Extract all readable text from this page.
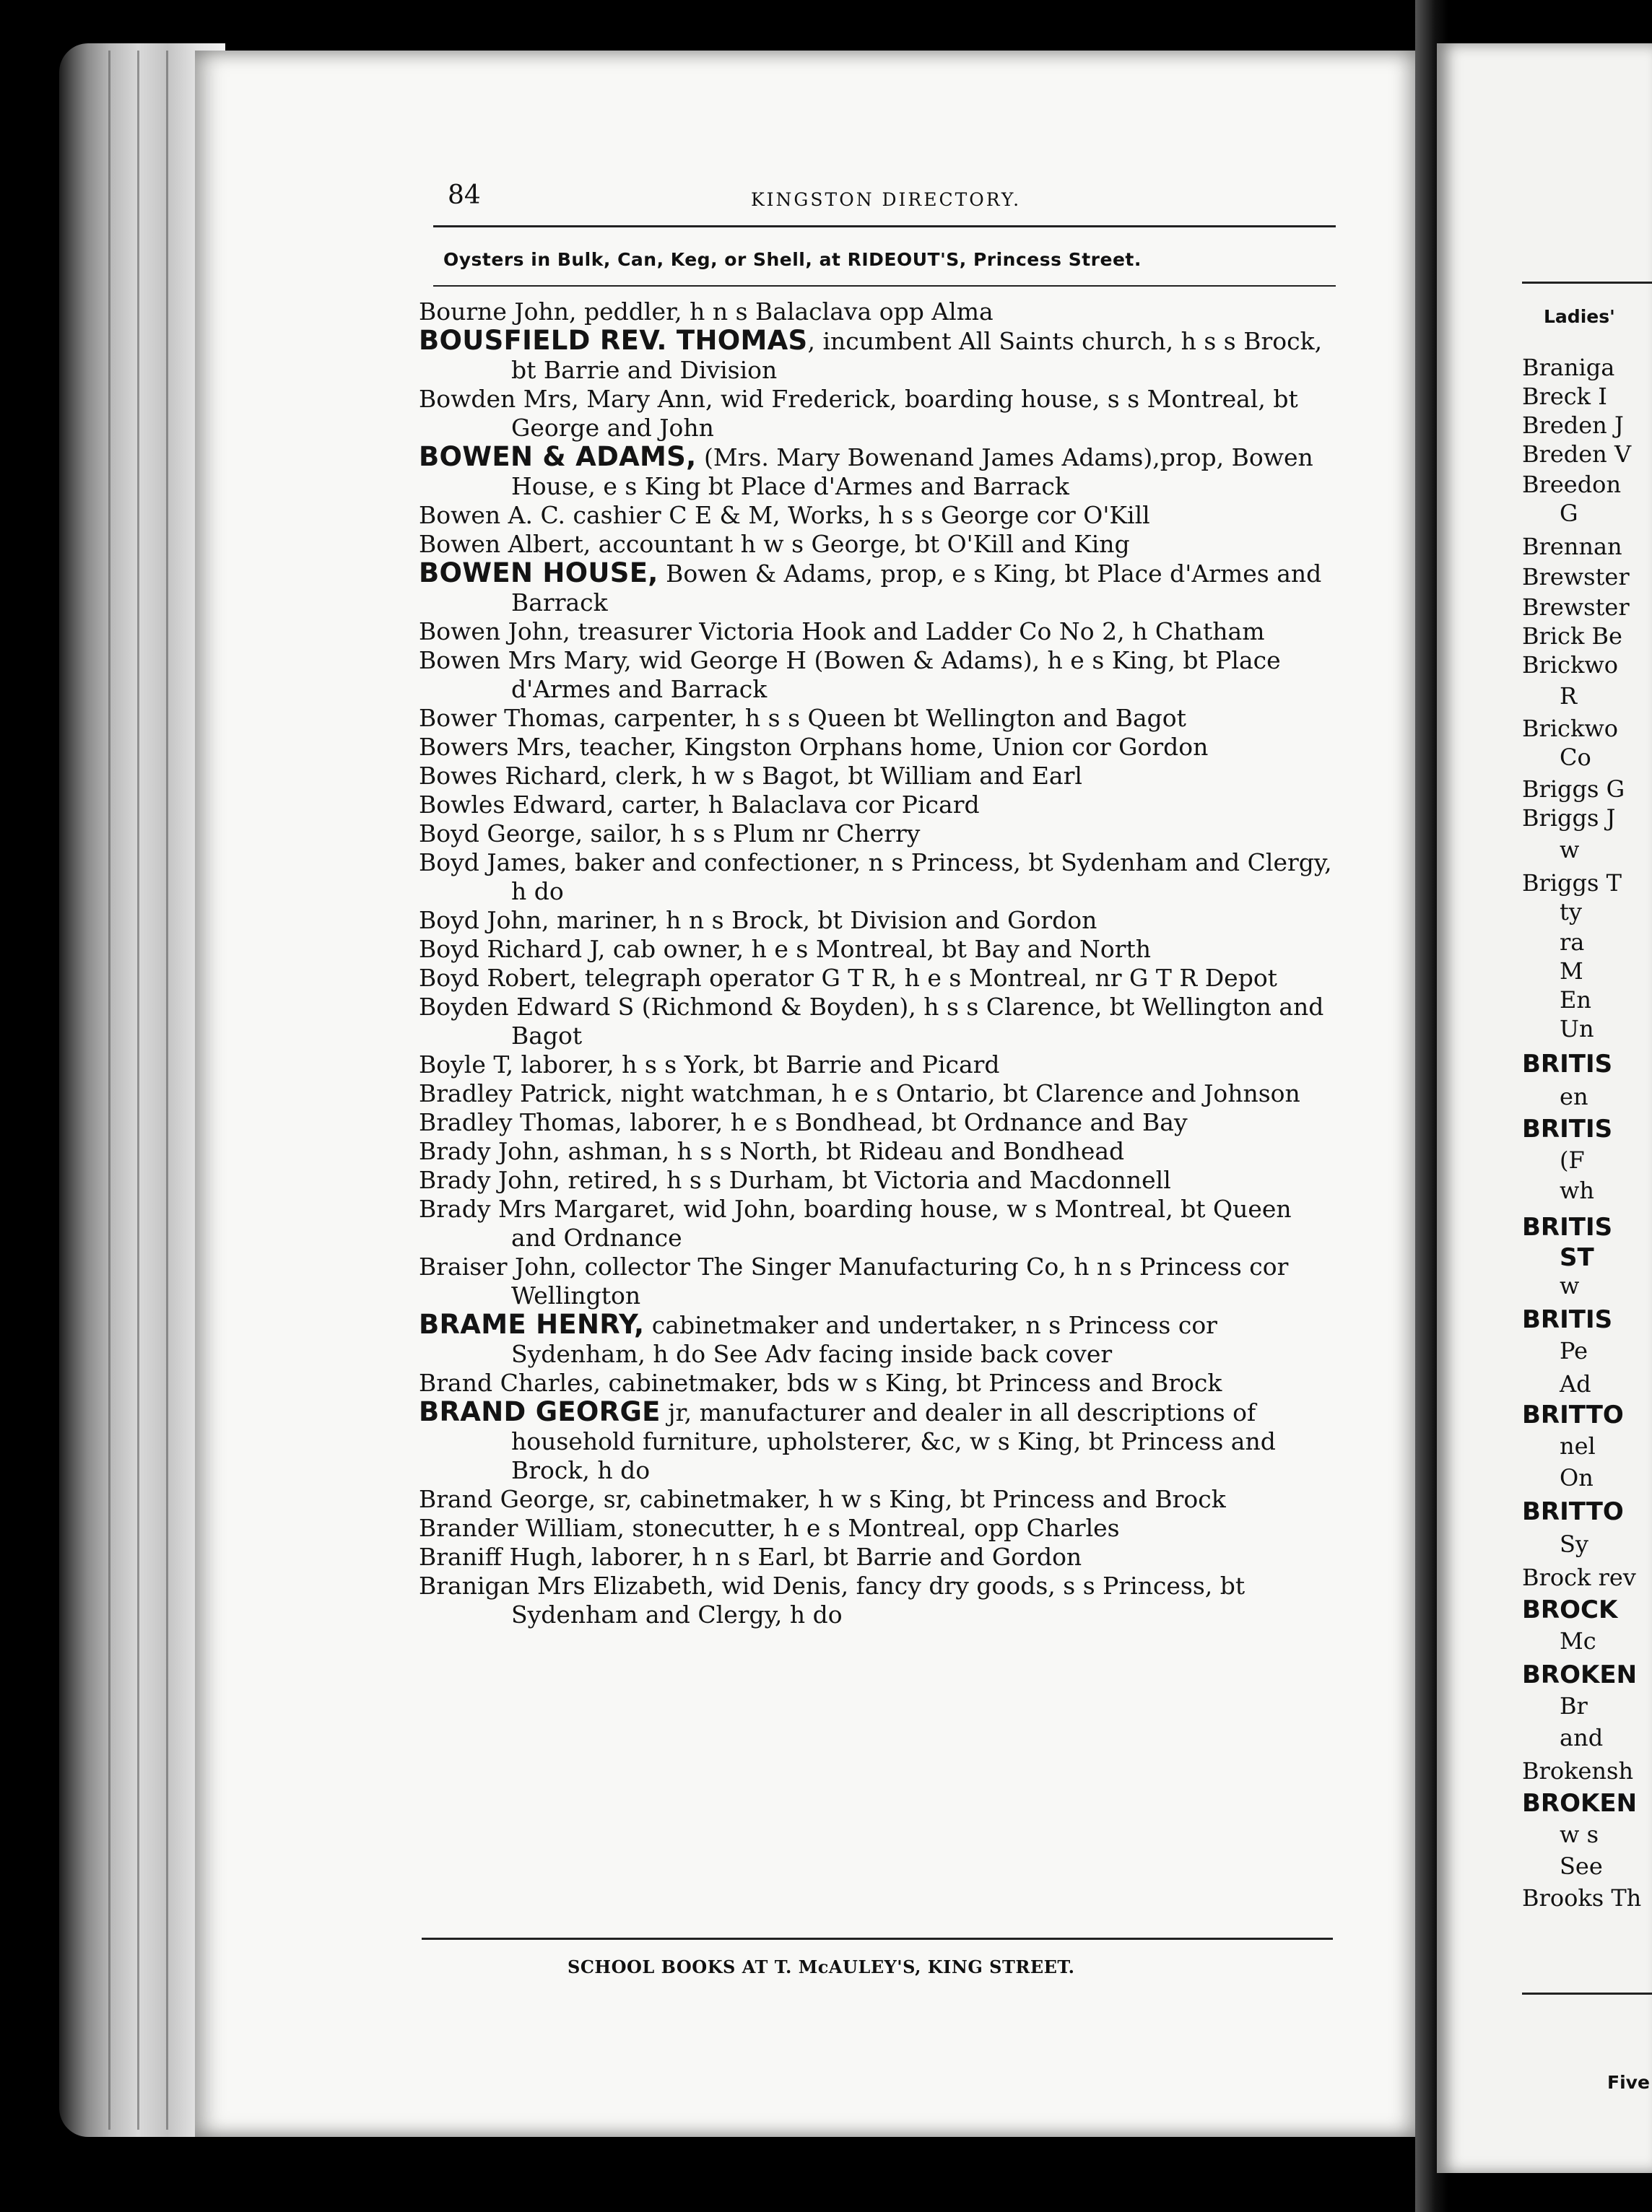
84	KINGSTON DIRECTORY.
Oysters in Bulk, Can, Keg, or Shell, at RIDEOUT'S, Princess Street.
Bourne John, peddler, h n s Balaclava opp Alma
BOUSFIELD REV. THOMAS, incumbent All Saints church, h s s Brock, bt Barrie and Division
Bowden Mrs, Mary Ann, wid Frederick, boarding house, s s Montreal, bt George and John
BOWEN & ADAMS, (Mrs. Mary Bowenand James Adams),prop, Bowen House, e s King bt Place d'Armes and Barrack
Bowen A. C. cashier C E & M, Works, h s s George cor O'Kill
Bowen Albert, accountant h w s George, bt O'Kill and King
BOWEN HOUSE, Bowen & Adams, prop, e s King, bt Place d'Armes and Barrack
Bowen John, treasurer Victoria Hook and Ladder Co No 2, h Chatham
Bowen Mrs Mary, wid George H (Bowen & Adams), h e s King, bt Place d'Armes and Barrack
Bower Thomas, carpenter, h s s Queen bt Wellington and Bagot
Bowers Mrs, teacher, Kingston Orphans home, Union cor Gordon
Bowes Richard, clerk, h w s Bagot, bt William and Earl
Bowles Edward, carter, h Balaclava cor Picard
Boyd George, sailor, h s s Plum nr Cherry
Boyd James, baker and confectioner, n s Princess, bt Sydenham and Clergy, h do
Boyd John, mariner, h n s Brock, bt Division and Gordon
Boyd Richard J, cab owner, h e s Montreal, bt Bay and North
Boyd Robert, telegraph operator G T R, h e s Montreal, nr G T R Depot
Boyden Edward S (Richmond & Boyden), h s s Clarence, bt Wellington and Bagot
Boyle T, laborer, h s s York, bt Barrie and Picard
Bradley Patrick, night watchman, h e s Ontario, bt Clarence and Johnson
Bradley Thomas, laborer, h e s Bondhead, bt Ordnance and Bay
Brady John, ashman, h s s North, bt Rideau and Bondhead
Brady John, retired, h s s Durham, bt Victoria and Macdonnell
Brady Mrs Margaret, wid John, boarding house, w s Montreal, bt Queen and Ordnance
Braiser John, collector The Singer Manufacturing Co, h n s Princess cor Wellington
BRAME HENRY, cabinetmaker and undertaker, n s Princess cor Sydenham, h do See Adv facing inside back cover
Brand Charles, cabinetmaker, bds w s King, bt Princess and Brock
BRAND GEORGE jr, manufacturer and dealer in all descriptions of household furniture, upholsterer, &c, w s King, bt Princess and Brock, h do
Brand George, sr, cabinetmaker, h w s King, bt Princess and Brock
Brander William, stonecutter, h e s Montreal, opp Charles
Braniff Hugh, laborer, h n s Earl, bt Barrie and Gordon
Branigan Mrs Elizabeth, wid Denis, fancy dry goods, s s Princess, bt Sydenham and Clergy, h do
SCHOOL BOOKS AT T. McAULEY'S, KING STREET.
Ladies'
Braniga
Breck I
Breden J
Breden V
Breedon
G
Brennan
Brewster
Brewster
Brick Be
Brickwo
R
Brickwo
Co
Briggs G
Briggs J
w
Briggs T
ty
ra
M
En
Un
BRITIS
en
BRITIS
(F
wh
BRITIS
ST
w
BRITIS
Pe
Ad
BRITTO
nel
On
BRITTO
Sy
Brock rev
BROCK
Mc
BROKEN
Br
and
Brokensh
BROKEN
w s
See
Brooks Th
Five
